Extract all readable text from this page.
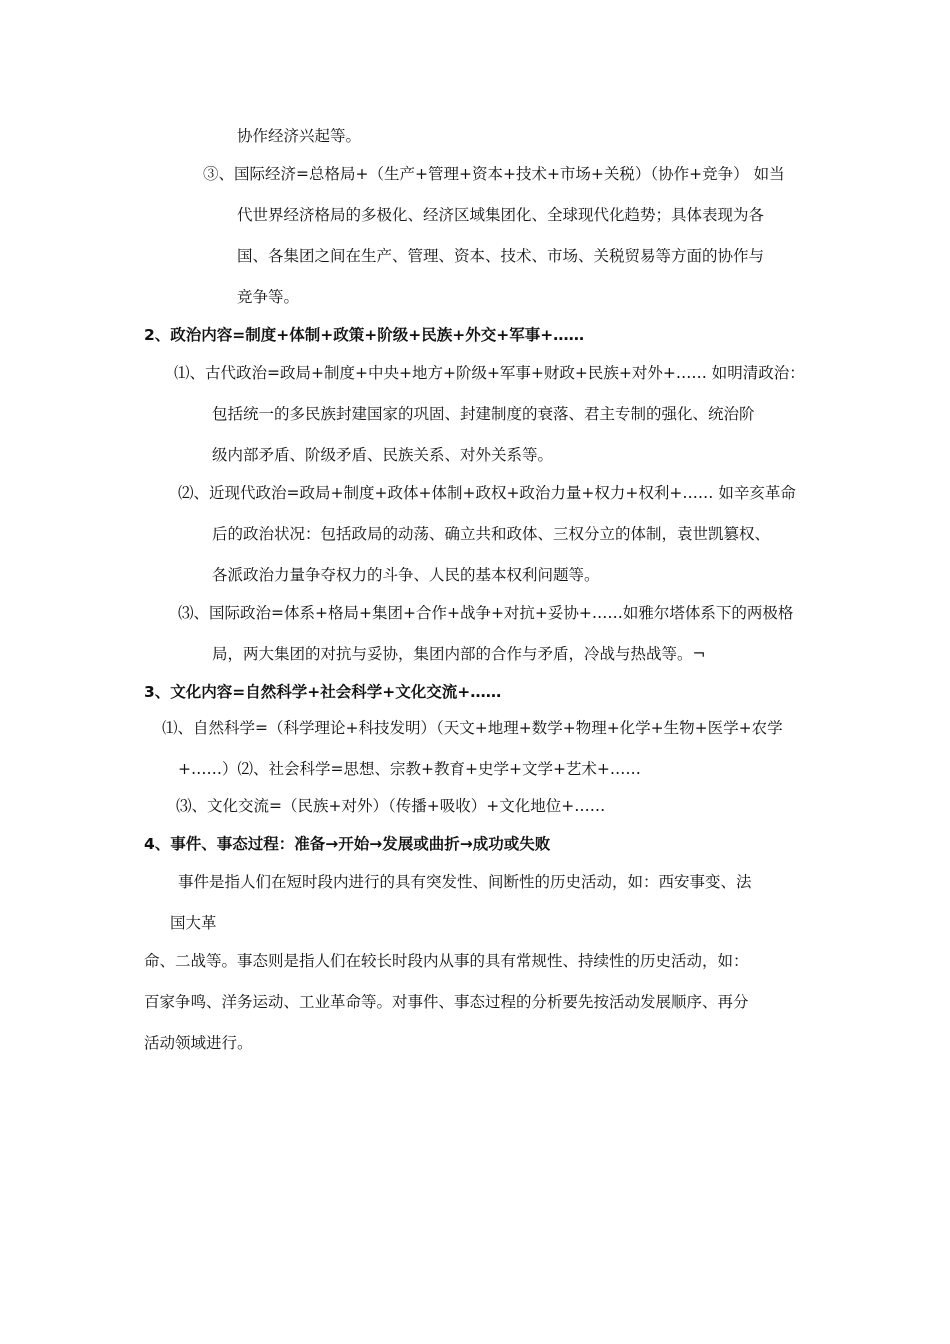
协作经济兴起等。
③、国际经济=总格局+（生产+管理+资本+技术+市场+关税）（协作+竞争） 如当
代世界经济格局的多极化、经济区域集团化、全球现代化趋势；具体表现为各
国、各集团之间在生产、管理、资本、技术、市场、关税贸易等方面的协作与
竞争等。
2、政治内容=制度+体制+政策+阶级+民族+外交+军事+……
⑴、古代政治=政局+制度+中央+地方+阶级+军事+财政+民族+对外+…… 如明清政治：
包括统一的多民族封建国家的巩固、封建制度的衰落、君主专制的强化、统治阶
级内部矛盾、阶级矛盾、民族关系、对外关系等。
⑵、近现代政治=政局+制度+政体+体制+政权+政治力量+权力+权利+…… 如辛亥革命
后的政治状况：包括政局的动荡、确立共和政体、三权分立的体制，袁世凯篡权、
各派政治力量争夺权力的斗争、人民的基本权利问题等。
⑶、国际政治=体系+格局+集团+合作+战争+对抗+妥协+……如雅尔塔体系下的两极格
局，两大集团的对抗与妥协，集团内部的合作与矛盾，冷战与热战等。¬
3、文化内容=自然科学+社会科学+文化交流+……
⑴、自然科学=（科学理论+科技发明）（天文+地理+数学+物理+化学+生物+医学+农学
+……）⑵、社会科学=思想、宗教+教育+史学+文学+艺术+……
⑶、文化交流=（民族+对外）（传播+吸收）+文化地位+……
4、事件、事态过程：准备→开始→发展或曲折→成功或失败
事件是指人们在短时段内进行的具有突发性、间断性的历史活动，如：西安事变、法
国大革
命、二战等。事态则是指人们在较长时段内从事的具有常规性、持续性的历史活动，如：
百家争鸣、洋务运动、工业革命等。对事件、事态过程的分析要先按活动发展顺序、再分
活动领域进行。
